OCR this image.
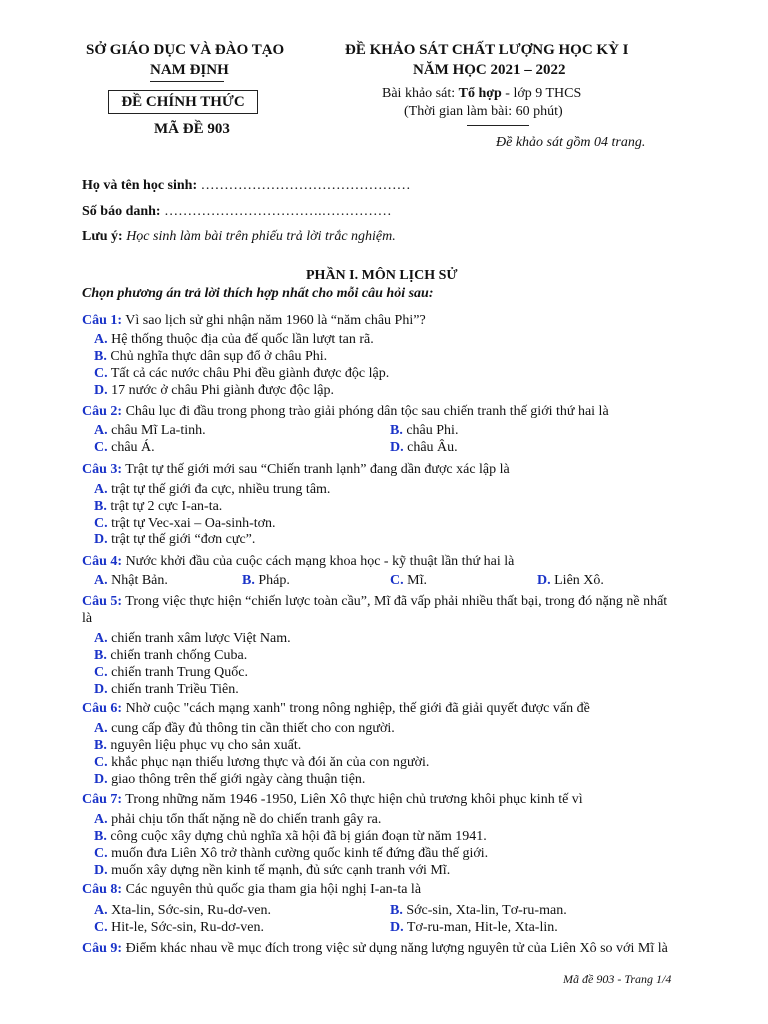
SỞ GIÁO DỤC VÀ ĐÀO TẠO
NAM ĐỊNH
ĐỀ CHÍNH THỨC
MÃ ĐỀ 903
ĐỀ KHẢO SÁT CHẤT LƯỢNG HỌC KỲ I
NĂM HỌC 2021 – 2022
Bài khảo sát: Tổ hợp - lớp 9 THCS
(Thời gian làm bài: 60 phút)
Đề khảo sát gồm 04 trang.
Họ và tên học sinh: ………………………………………
Số báo danh: …………………………….……………
Lưu ý: Học sinh làm bài trên phiếu trả lời trắc nghiệm.
PHẦN I. MÔN LỊCH SỬ
Chọn phương án trả lời thích hợp nhất cho mỗi câu hỏi sau:
Câu 1: Vì sao lịch sử ghi nhận năm 1960 là “năm châu Phi”?
A. Hệ thống thuộc địa của đế quốc lần lượt tan rã.
B. Chủ nghĩa thực dân sụp đổ ở châu Phi.
C. Tất cả các nước châu Phi đều giành được độc lập.
D. 17 nước ở châu Phi giành được độc lập.
Câu 2: Châu lục đi đầu trong phong trào giải phóng dân tộc sau chiến tranh thế giới thứ hai là
A. châu Mĩ La-tinh.	B. châu Phi.
C. châu Á.	D. châu Âu.
Câu 3: Trật tự thế giới mới sau “Chiến tranh lạnh” đang dần được xác lập là
A. trật tự thế giới đa cực, nhiều trung tâm.
B. trật tự 2 cực I-an-ta.
C. trật tự Vec-xai – Oa-sinh-tơn.
D. trật tự thế giới “đơn cực”.
Câu 4: Nước khởi đầu của cuộc cách mạng khoa học - kỹ thuật lần thứ hai là
A. Nhật Bản.	B. Pháp.	C. Mĩ.	D. Liên Xô.
Câu 5: Trong việc thực hiện “chiến lược toàn cầu”, Mĩ đã vấp phải nhiều thất bại, trong đó nặng nề nhất
là
A. chiến tranh xâm lược Việt Nam.
B. chiến tranh chống Cuba.
C. chiến tranh Trung Quốc.
D. chiến tranh Triều Tiên.
Câu 6: Nhờ cuộc "cách mạng xanh" trong nông nghiệp, thế giới đã giải quyết được vấn đề
A. cung cấp đầy đủ thông tin cần thiết cho con người.
B. nguyên liệu phục vụ cho sản xuất.
C. khắc phục nạn thiếu lương thực và đói ăn của con người.
D. giao thông trên thế giới ngày càng thuận tiện.
Câu 7: Trong những năm 1946 -1950, Liên Xô thực hiện chủ trương khôi phục kinh tế vì
A. phải chịu tổn thất nặng nề do chiến tranh gây ra.
B. công cuộc xây dựng chủ nghĩa xã hội đã bị gián đoạn từ năm 1941.
C. muốn đưa Liên Xô trở thành cường quốc kinh tế đứng đầu thế giới.
D. muốn xây dựng nền kinh tế mạnh, đủ sức cạnh tranh với Mĩ.
Câu 8: Các nguyên thủ quốc gia tham gia hội nghị I-an-ta là
A. Xta-lin, Sớc-sin, Ru-dơ-ven.	B. Sớc-sin, Xta-lin, Tơ-ru-man.
C. Hit-le, Sớc-sin, Ru-dơ-ven.	D. Tơ-ru-man, Hit-le, Xta-lin.
Câu 9: Điểm khác nhau về mục đích trong việc sử dụng năng lượng nguyên tử của Liên Xô so với Mĩ là
Mã đề 903 - Trang 1/4
